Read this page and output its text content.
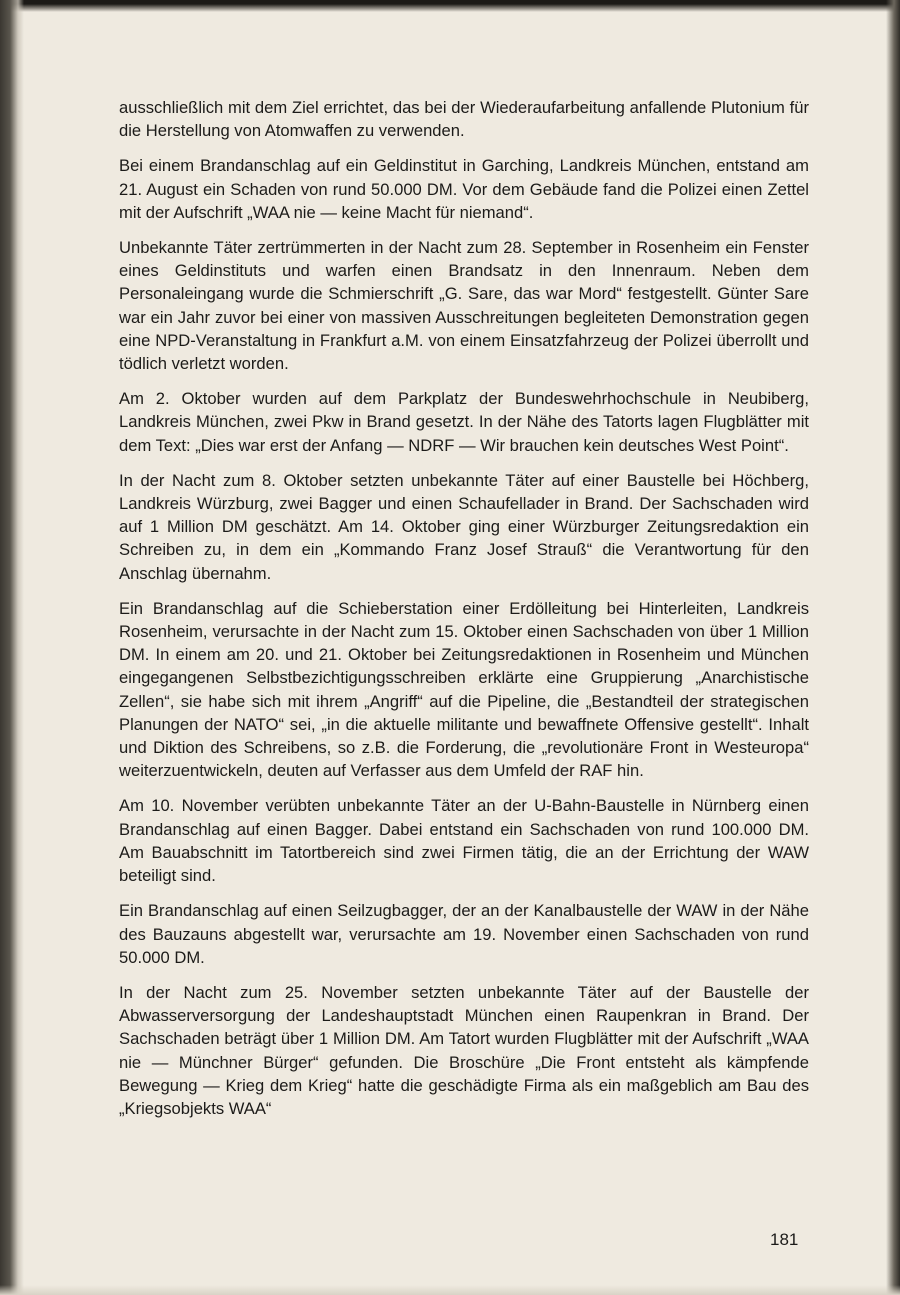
ausschließlich mit dem Ziel errichtet, das bei der Wiederaufarbeitung anfallende Plutonium für die Herstellung von Atomwaffen zu verwenden.

Bei einem Brandanschlag auf ein Geldinstitut in Garching, Landkreis München, entstand am 21. August ein Schaden von rund 50.000 DM. Vor dem Gebäude fand die Polizei einen Zettel mit der Aufschrift „WAA nie — keine Macht für niemand“.

Unbekannte Täter zertrümmerten in der Nacht zum 28. September in Rosenheim ein Fenster eines Geldinstituts und warfen einen Brandsatz in den Innenraum. Neben dem Personaleingang wurde die Schmierschrift „G. Sare, das war Mord“ festgestellt. Günter Sare war ein Jahr zuvor bei einer von massiven Ausschreitungen begleiteten Demonstration gegen eine NPD-Veranstaltung in Frankfurt a.M. von einem Einsatzfahrzeug der Polizei überrollt und tödlich verletzt worden.

Am 2. Oktober wurden auf dem Parkplatz der Bundeswehrhochschule in Neubiberg, Landkreis München, zwei Pkw in Brand gesetzt. In der Nähe des Tatorts lagen Flugblätter mit dem Text: „Dies war erst der Anfang — NDRF — Wir brauchen kein deutsches West Point“.

In der Nacht zum 8. Oktober setzten unbekannte Täter auf einer Baustelle bei Höchberg, Landkreis Würzburg, zwei Bagger und einen Schaufellader in Brand. Der Sachschaden wird auf 1 Million DM geschätzt. Am 14. Oktober ging einer Würzburger Zeitungsredaktion ein Schreiben zu, in dem ein „Kommando Franz Josef Strauß“ die Verantwortung für den Anschlag übernahm.

Ein Brandanschlag auf die Schieberstation einer Erdölleitung bei Hinterleiten, Landkreis Rosenheim, verursachte in der Nacht zum 15. Oktober einen Sachschaden von über 1 Million DM. In einem am 20. und 21. Oktober bei Zeitungsredaktionen in Rosenheim und München eingegangenen Selbstbezichtigungsschreiben erklärte eine Gruppierung „Anarchistische Zellen“, sie habe sich mit ihrem „Angriff“ auf die Pipeline, die „Bestandteil der strategischen Planungen der NATO“ sei, „in die aktuelle militante und bewaffnete Offensive gestellt“. Inhalt und Diktion des Schreibens, so z.B. die Forderung, die „revolutionäre Front in Westeuropa“ weiterzuentwickeln, deuten auf Verfasser aus dem Umfeld der RAF hin.

Am 10. November verübten unbekannte Täter an der U-Bahn-Baustelle in Nürnberg einen Brandanschlag auf einen Bagger. Dabei entstand ein Sachschaden von rund 100.000 DM. Am Bauabschnitt im Tatortbereich sind zwei Firmen tätig, die an der Errichtung der WAW beteiligt sind.

Ein Brandanschlag auf einen Seilzugbagger, der an der Kanalbaustelle der WAW in der Nähe des Bauzauns abgestellt war, verursachte am 19. November einen Sachschaden von rund 50.000 DM.

In der Nacht zum 25. November setzten unbekannte Täter auf der Baustelle der Abwasserversorgung der Landeshauptstadt München einen Raupenkran in Brand. Der Sachschaden beträgt über 1 Million DM. Am Tatort wurden Flugblätter mit der Aufschrift „WAA nie — Münchner Bürger“ gefunden. Die Broschüre „Die Front entsteht als kämpfende Bewegung — Krieg dem Krieg“ hatte die geschädigte Firma als ein maßgeblich am Bau des „Kriegsobjekts WAA“

181
